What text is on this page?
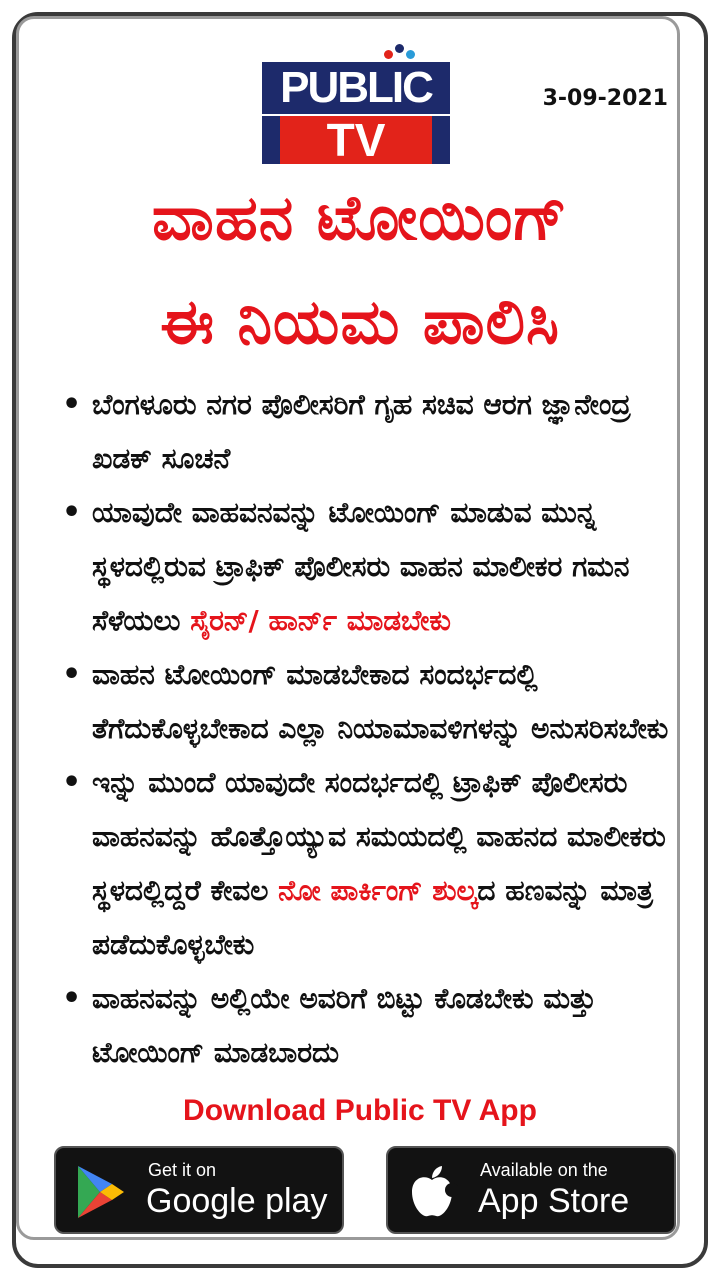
PUBLIC
TV
3-09-2021
ವಾಹನ ಟೋಯಿಂಗ್
ಈ ನಿಯಮ ಪಾಲಿಸಿ
• ಬೆಂಗಳೂರು ನಗರ ಪೊಲೀಸರಿಗೆ ಗೃಹ ಸಚಿವ ಆರಗ ಜ್ಞಾನೇಂದ್ರ ಖಡಕ್ ಸೂಚನೆ
• ಯಾವುದೇ ವಾಹವನವನ್ನು ಟೋಯಿಂಗ್ ಮಾಡುವ ಮುನ್ನ ಸ್ಥಳದಲ್ಲಿರುವ ಟ್ರಾಫಿಕ್ ಪೊಲೀಸರು ವಾಹನ ಮಾಲೀಕರ ಗಮನ ಸೆಳೆಯಲು ಸೈರನ್/ ಹಾರ್ನ್ ಮಾಡಬೇಕು
• ವಾಹನ ಟೋಯಿಂಗ್ ಮಾಡಬೇಕಾದ ಸಂದರ್ಭದಲ್ಲಿ ತೆಗೆದುಕೊಳ್ಳಬೇಕಾದ ಎಲ್ಲಾ ನಿಯಾಮಾವಳಿಗಳನ್ನು ಅನುಸರಿಸಬೇಕು
• ಇನ್ನು ಮುಂದೆ ಯಾವುದೇ ಸಂದರ್ಭದಲ್ಲಿ ಟ್ರಾಫಿಕ್ ಪೊಲೀಸರು ವಾಹನವನ್ನು ಹೊತ್ತೊಯ್ಯುವ ಸಮಯದಲ್ಲಿ ವಾಹನದ ಮಾಲೀಕರು ಸ್ಥಳದಲ್ಲಿದ್ದರೆ ಕೇವಲ ನೋ ಪಾರ್ಕಿಂಗ್ ಶುಲ್ಕದ ಹಣವನ್ನು ಮಾತ್ರ ಪಡೆದುಕೊಳ್ಳಬೇಕು
• ವಾಹನವನ್ನು ಅಲ್ಲಿಯೇ ಅವರಿಗೆ ಬಿಟ್ಟು ಕೊಡಬೇಕು ಮತ್ತು ಟೋಯಿಂಗ್ ಮಾಡಬಾರದು
Download Public TV App
Get it on
Google play
Available on the
App Store
